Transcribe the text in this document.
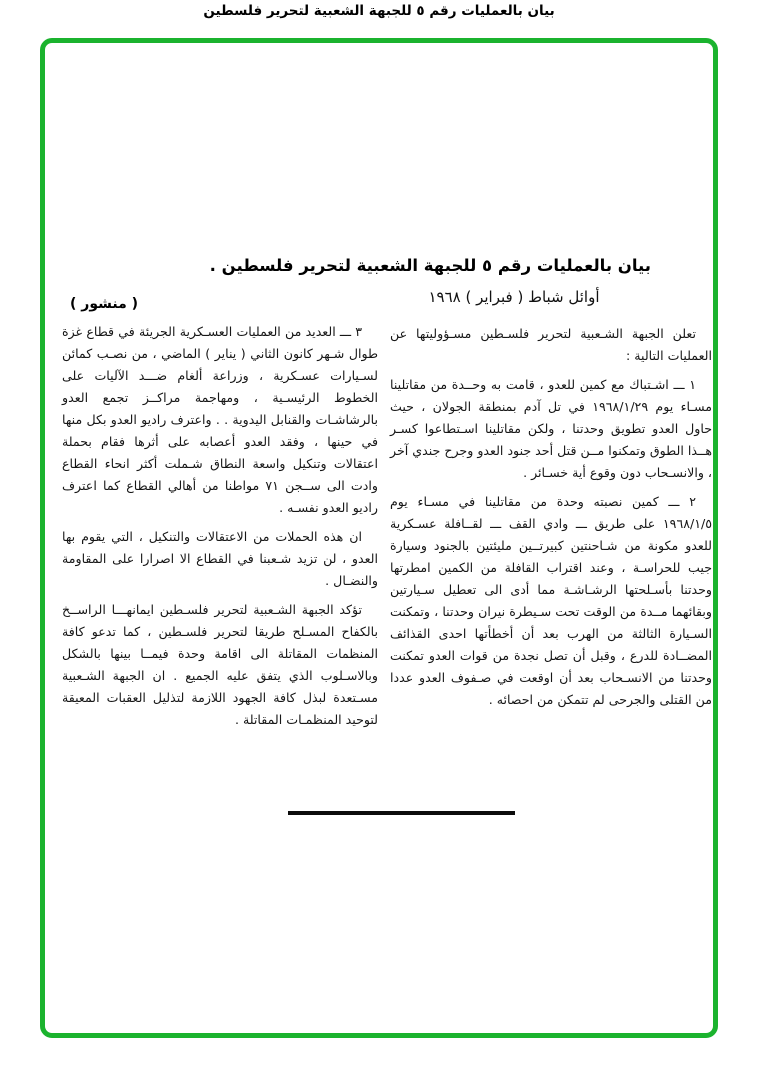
بيان بالعمليات رقم ٥ للجبهة الشعبية لتحرير فلسطين
بيان بالعمليات رقم ٥ للجبهة الشعبية لتحرير فلسطين .
أوائل شباط ( فبراير ) ١٩٦٨
( منشور )

تعلن الجبهة الشـعبية لتحرير فلسـطين مسـؤوليتها عن العمليات التالية :

١ ـــ اشـتباك مع كمين للعدو ، قامت به وحــدة من مقاتلينا مسـاء يوم ١٩٦٨/١/٢٩ في تل آدم بمنطقة الجولان ، حيث حاول العدو تطويق وحدتنا ، ولكن مقاتلينا اسـتطاعوا كسـر هــذا الطوق وتمكنوا مــن قتل أحد جنود العدو وجرح جندي آخر ، والانسـحاب دون وقوع أية خسـائر .

٢ ـــ كمين نصبته وحدة من مقاتلينا في مسـاء يوم ١٩٦٨/١/٥ على طريق ـــ وادي القف ـــ لقــافلة عسـكرية للعدو مكونة من شـاحنتين كبيرتــين مليئتين بالجنود وسيارة جيب للحراسـة ، وعند اقتراب القافلة من الكمين امطرتها وحدتنا بأسـلحتها الرشـاشـة مما أدى الى تعطيل سـيارتين وبقائهما مــدة من الوقت تحت سـيطرة نيران وحدتنا ، وتمكنت السـيارة الثالثة من الهرب بعد أن أخطأتها احدى القذائف المضــادة للدرع ، وقبل أن تصل نجدة من قوات العدو تمكنت وحدتنا من الانسـحاب بعد أن اوقعت في صـفوف العدو عددا من القتلى والجرحى لم تتمكن من احصائه .

٣ ـــ العديد من العمليات العسـكرية الجريئة في قطاع غزة طوال شـهر كانون الثاني ( يناير ) الماضي ، من نصـب كمائن لسـيارات عسـكرية ، وزراعة ألغام ضـــد الآليات على الخطوط الرئيسـية ، ومهاجمة مراكــز تجمع العدو بالرشاشـات والقنابل اليدوية . . واعترف راديو العدو بكل منها في حينها ، وفقد العدو أعصابه على أثرها فقام بحملة اعتقالات وتنكيل واسعة النطاق شـملت أكثر انحاء القطاع وادت الى ســجن ٧١ مواطنا من أهالي القطاع كما اعترف راديو العدو نفسـه .

ان هذه الحملات من الاعتقالات والتنكيل ، التي يقوم بها العدو ، لن تزيد شـعبنا في القطاع الا اصرارا على المقاومة والنضـال .

تؤكد الجبهة الشـعبية لتحرير فلسـطين ايمانهـــا الراســخ بالكفاح المسـلح طريقا لتحرير فلسـطين ، كما تدعو كافة المنظمات المقاتلة الى اقامة وحدة فيمــا بينها بالشكل وبالاسـلوب الذي يتفق عليه الجميع . ان الجبهة الشـعبية مسـتعدة لبذل كافة الجهود اللازمة لتذليل العقبات المعيقة لتوحيد المنظمـات المقاتلة .
